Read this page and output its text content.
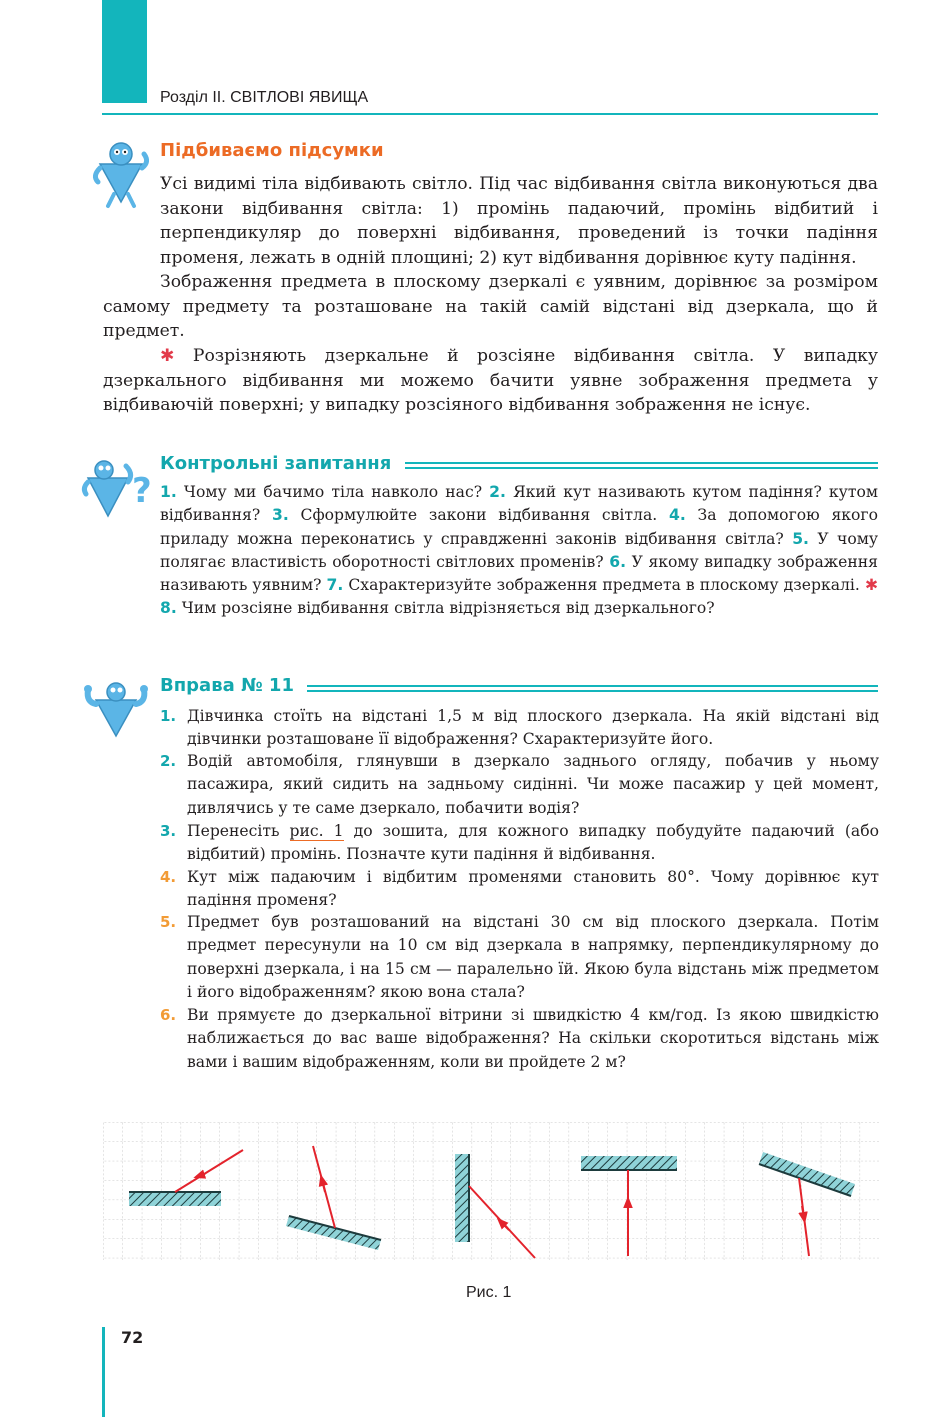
Розділ ІІ. СВІТЛОВІ ЯВИЩА
Підбиваємо підсумки

Усі видимі тіла відбивають світло. Під час відбивання світла виконуються два закони відбивання світла: 1) промінь падаючий, промінь відбитий і перпендикуляр до поверхні відбивання, проведений із точки падіння променя, лежать в одній площині; 2) кут відбивання дорівнює куту падіння.

Зображення предмета в плоскому дзеркалі є уявним, дорівнює за розміром самому предмету та розташоване на такій самій відстані від дзеркала, що й предмет.

✱ Розрізняють дзеркальне й розсіяне відбивання світла. У випадку дзеркального відбивання ми можемо бачити уявне зображення предмета у відбиваючій поверхні; у випадку розсіяного відбивання зображення не існує.

?
Контрольні запитання

1. Чому ми бачимо тіла навколо нас? 2. Який кут називають кутом падіння? кутом відбивання? 3. Сформулюйте закони відбивання світла. 4. За допомогою якого приладу можна переконатись у справдженні законів відбивання світла? 5. У чому полягає властивість оборотності світлових променів? 6. У якому випадку зображення називають уявним? 7. Схарактеризуйте зображення предмета в плоскому дзеркалі. ✱ 8. Чим розсіяне відбивання світла відрізняється від дзеркального?

Вправа № 11
1. Дівчинка стоїть на відстані 1,5 м від плоского дзеркала. На якій відстані від дівчинки розташоване її відображення? Схарактеризуйте його.

2. Водій автомобіля, глянувши в дзеркало заднього огляду, побачив у ньому пасажира, який сидить на задньому сидінні. Чи може пасажир у цей момент, дивлячись у те саме дзеркало, побачити водія?

3. Перенесіть рис. 1 до зошита, для кожного випадку побудуйте падаючий (або відбитий) промінь. Позначте кути падіння й відбивання.

4. Кут між падаючим і відбитим променями становить 80°. Чому дорівнює кут падіння променя?

5. Предмет був розташований на відстані 30 см від плоского дзеркала. Потім предмет пересунули на 10 см від дзеркала в напрямку, перпендикулярному до поверхні дзеркала, і на 15 см — паралельно їй. Якою була відстань між предметом і його відображенням? якою вона стала?

6. Ви прямуєте до дзеркальної вітрини зі швидкістю 4 км/год. Із якою швидкістю наближається до вас ваше відображення? На скільки скоротиться відстань між вами і вашим відображенням, коли ви пройдете 2 м?

Рис. 1
72
